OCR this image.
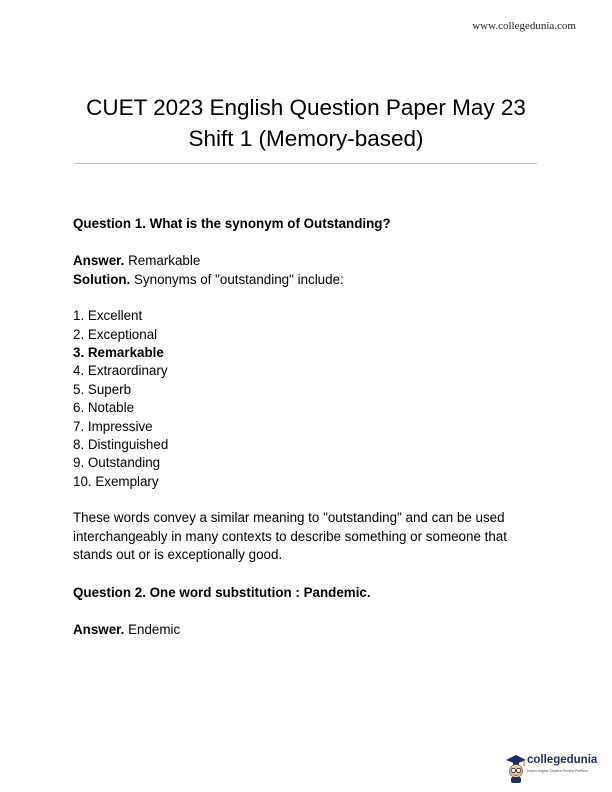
www.collegedunia.com
CUET 2023 English Question Paper May 23
Shift 1 (Memory-based)

Question 1. What is the synonym of Outstanding?

Answer. Remarkable

Solution. Synonyms of "outstanding" include:

1. Excellent
2. Exceptional
3. Remarkable
4. Extraordinary
5. Superb
6. Notable
7. Impressive
8. Distinguished
9. Outstanding
10. Exemplary

These words convey a similar meaning to "outstanding" and can be used interchangeably in many contexts to describe something or someone that stands out or is exceptionally good.

Question 2. One word substitution : Pandemic.

Answer. Endemic

collegedunia
India's largest Student Review Platform
